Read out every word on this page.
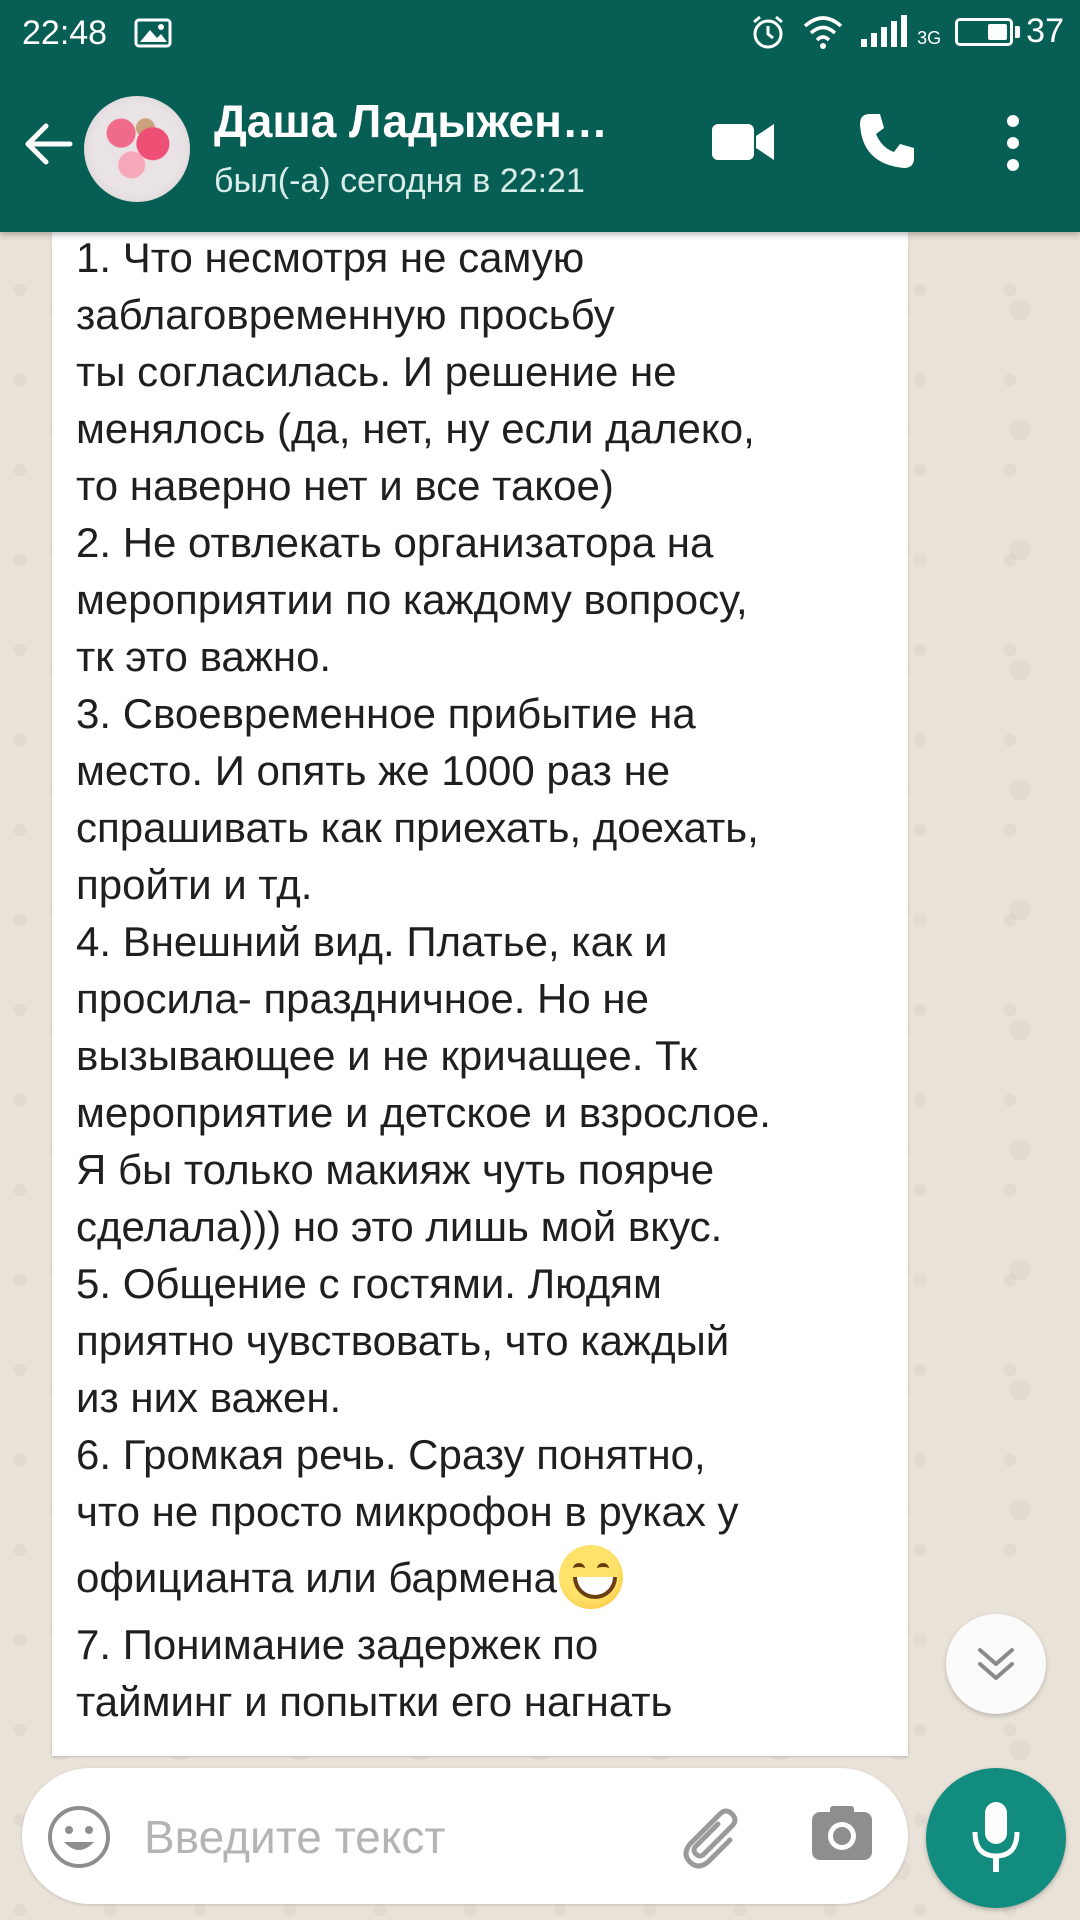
22:48	3G	37
Даша Ладыжен…
был(-а) сегодня в 22:21
1. Что несмотря не самую
заблаговременную просьбу
ты согласилась. И решение не
менялось (да, нет, ну если далеко,
то наверно нет и все такое)
2. Не отвлекать организатора на
мероприятии по каждому вопросу,
тк это важно.
3. Своевременное прибытие на
место. И опять же 1000 раз не
спрашивать как приехать, доехать,
пройти и тд.
4. Внешний вид. Платье, как и
просила- праздничное. Но не
вызывающее и не кричащее. Тк
мероприятие и детское и взрослое.
Я бы только макияж чуть поярче
сделала))) но это лишь мой вкус.
5. Общение с гостями. Людям
приятно чувствовать, что каждый
из них важен.
6. Громкая речь. Сразу понятно,
что не просто микрофон в руках у
официанта или бармена
7. Понимание задержек по
тайминг и попытки его нагнать
Введите текст
